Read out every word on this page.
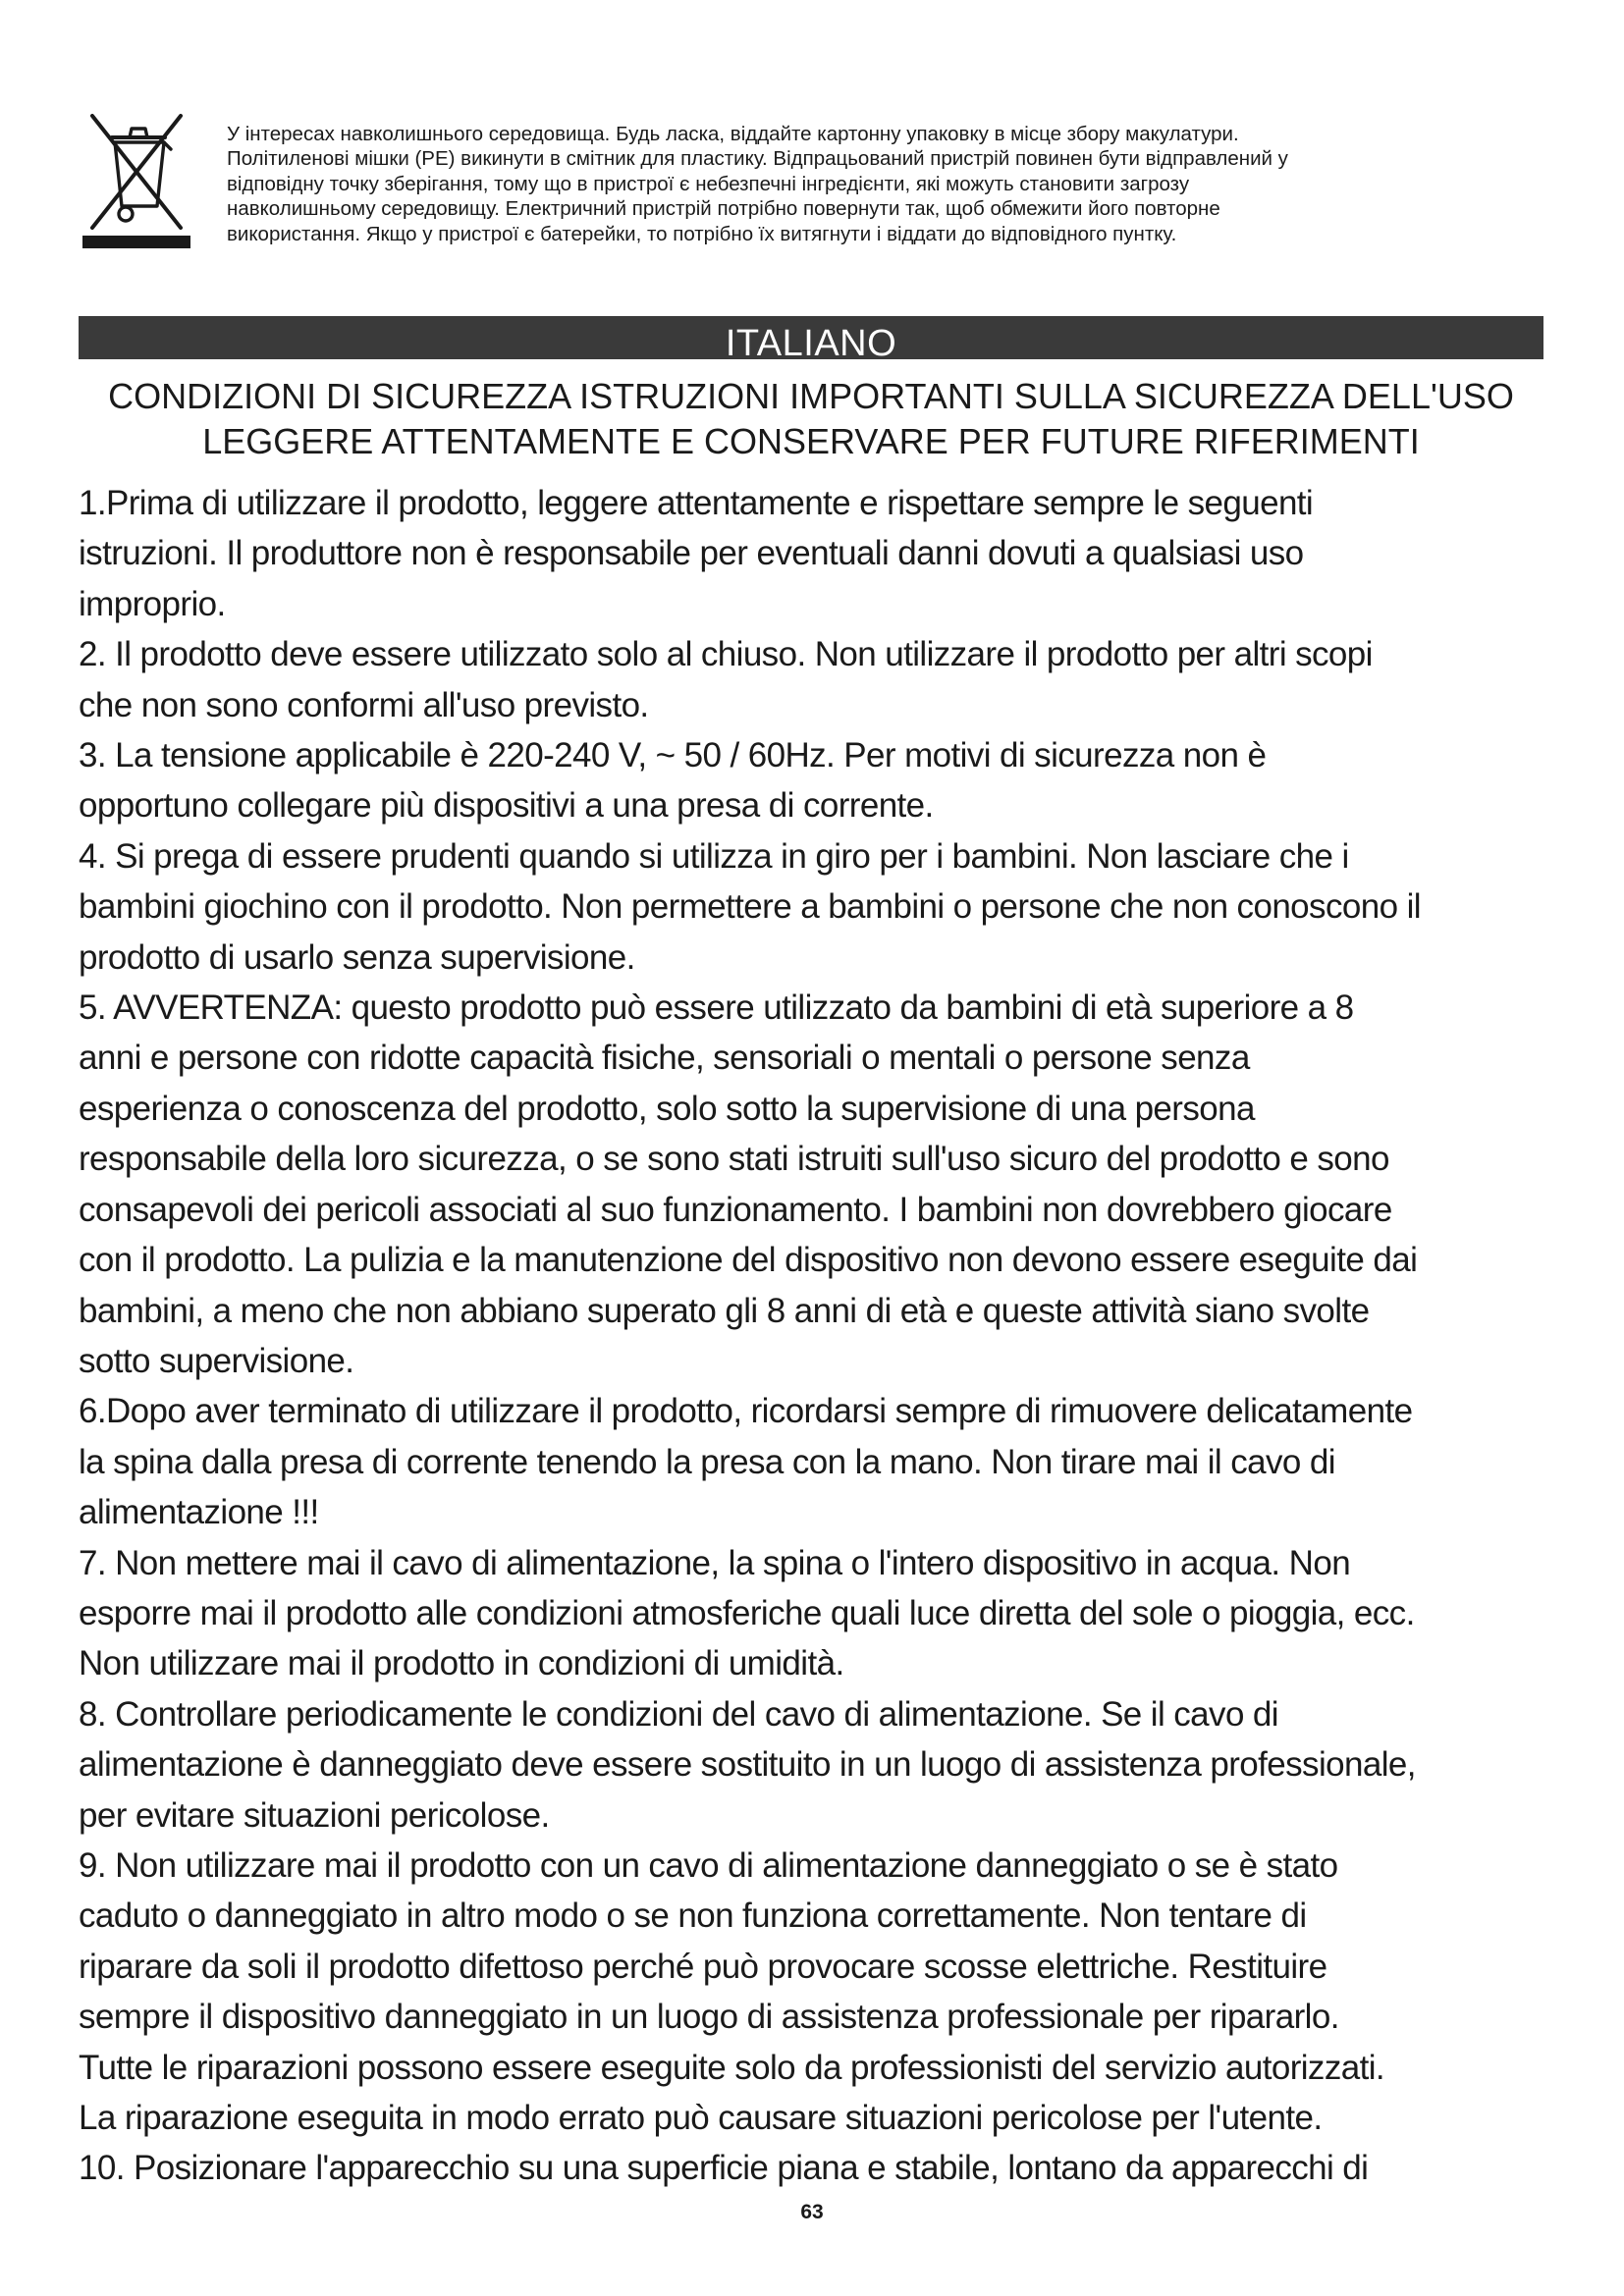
У інтересах навколишнього середовища. Будь ласка, віддайте картонну упаковку в місце збору макулатури.

Політиленові мішки (PE) викинути в смітник для пластику. Відпрацьований пристрій повинен бути відправлений у

відповідну точку зберігання, тому що в пристрої є небезпечні інгредієнти, які можуть становити загрозу

навколишньому середовищу. Електричний пристрій потрібно повернути так, щоб обмежити його повторне

використання. Якщо у пристрої є батерейки, то потрібно їх витягнути і віддати до відповідного пунтку.

ITALIANO
CONDIZIONI DI SICUREZZA ISTRUZIONI IMPORTANTI SULLA SICUREZZA DELL'USO
LEGGERE ATTENTAMENTE E CONSERVARE PER FUTURE RIFERIMENTI
1.Prima di utilizzare il prodotto, leggere attentamente e rispettare sempre le seguenti
istruzioni. Il produttore non è responsabile per eventuali danni dovuti a qualsiasi uso
improprio.
2. Il prodotto deve essere utilizzato solo al chiuso. Non utilizzare il prodotto per altri scopi
che non sono conformi all'uso previsto.
3. La tensione applicabile è 220-240 V, ~ 50 / 60Hz. Per motivi di sicurezza non è
opportuno collegare più dispositivi a una presa di corrente.
4. Si prega di essere prudenti quando si utilizza in giro per i bambini. Non lasciare che i
bambini giochino con il prodotto. Non permettere a bambini o persone che non conoscono il
prodotto di usarlo senza supervisione.
5. AVVERTENZA: questo prodotto può essere utilizzato da bambini di età superiore a 8
anni e persone con ridotte capacità fisiche, sensoriali o mentali o persone senza
esperienza o conoscenza del prodotto, solo sotto la supervisione di una persona
responsabile della loro sicurezza, o se sono stati istruiti sull'uso sicuro del prodotto e sono
consapevoli dei pericoli associati al suo funzionamento. I bambini non dovrebbero giocare
con il prodotto. La pulizia e la manutenzione del dispositivo non devono essere eseguite dai
bambini, a meno che non abbiano superato gli 8 anni di età e queste attività siano svolte
sotto supervisione.
6.Dopo aver terminato di utilizzare il prodotto, ricordarsi sempre di rimuovere delicatamente
la spina dalla presa di corrente tenendo la presa con la mano. Non tirare mai il cavo di
alimentazione !!!
7. Non mettere mai il cavo di alimentazione, la spina o l'intero dispositivo in acqua. Non
esporre mai il prodotto alle condizioni atmosferiche quali luce diretta del sole o pioggia, ecc.
Non utilizzare mai il prodotto in condizioni di umidità.
8. Controllare periodicamente le condizioni del cavo di alimentazione. Se il cavo di
alimentazione è danneggiato deve essere sostituito in un luogo di assistenza professionale,
per evitare situazioni pericolose.
9. Non utilizzare mai il prodotto con un cavo di alimentazione danneggiato o se è stato
caduto o danneggiato in altro modo o se non funziona correttamente. Non tentare di
riparare da soli il prodotto difettoso perché può provocare scosse elettriche. Restituire
sempre il dispositivo danneggiato in un luogo di assistenza professionale per ripararlo.
Tutte le riparazioni possono essere eseguite solo da professionisti del servizio autorizzati.
La riparazione eseguita in modo errato può causare situazioni pericolose per l'utente.
10. Posizionare l'apparecchio su una superficie piana e stabile, lontano da apparecchi di
63
